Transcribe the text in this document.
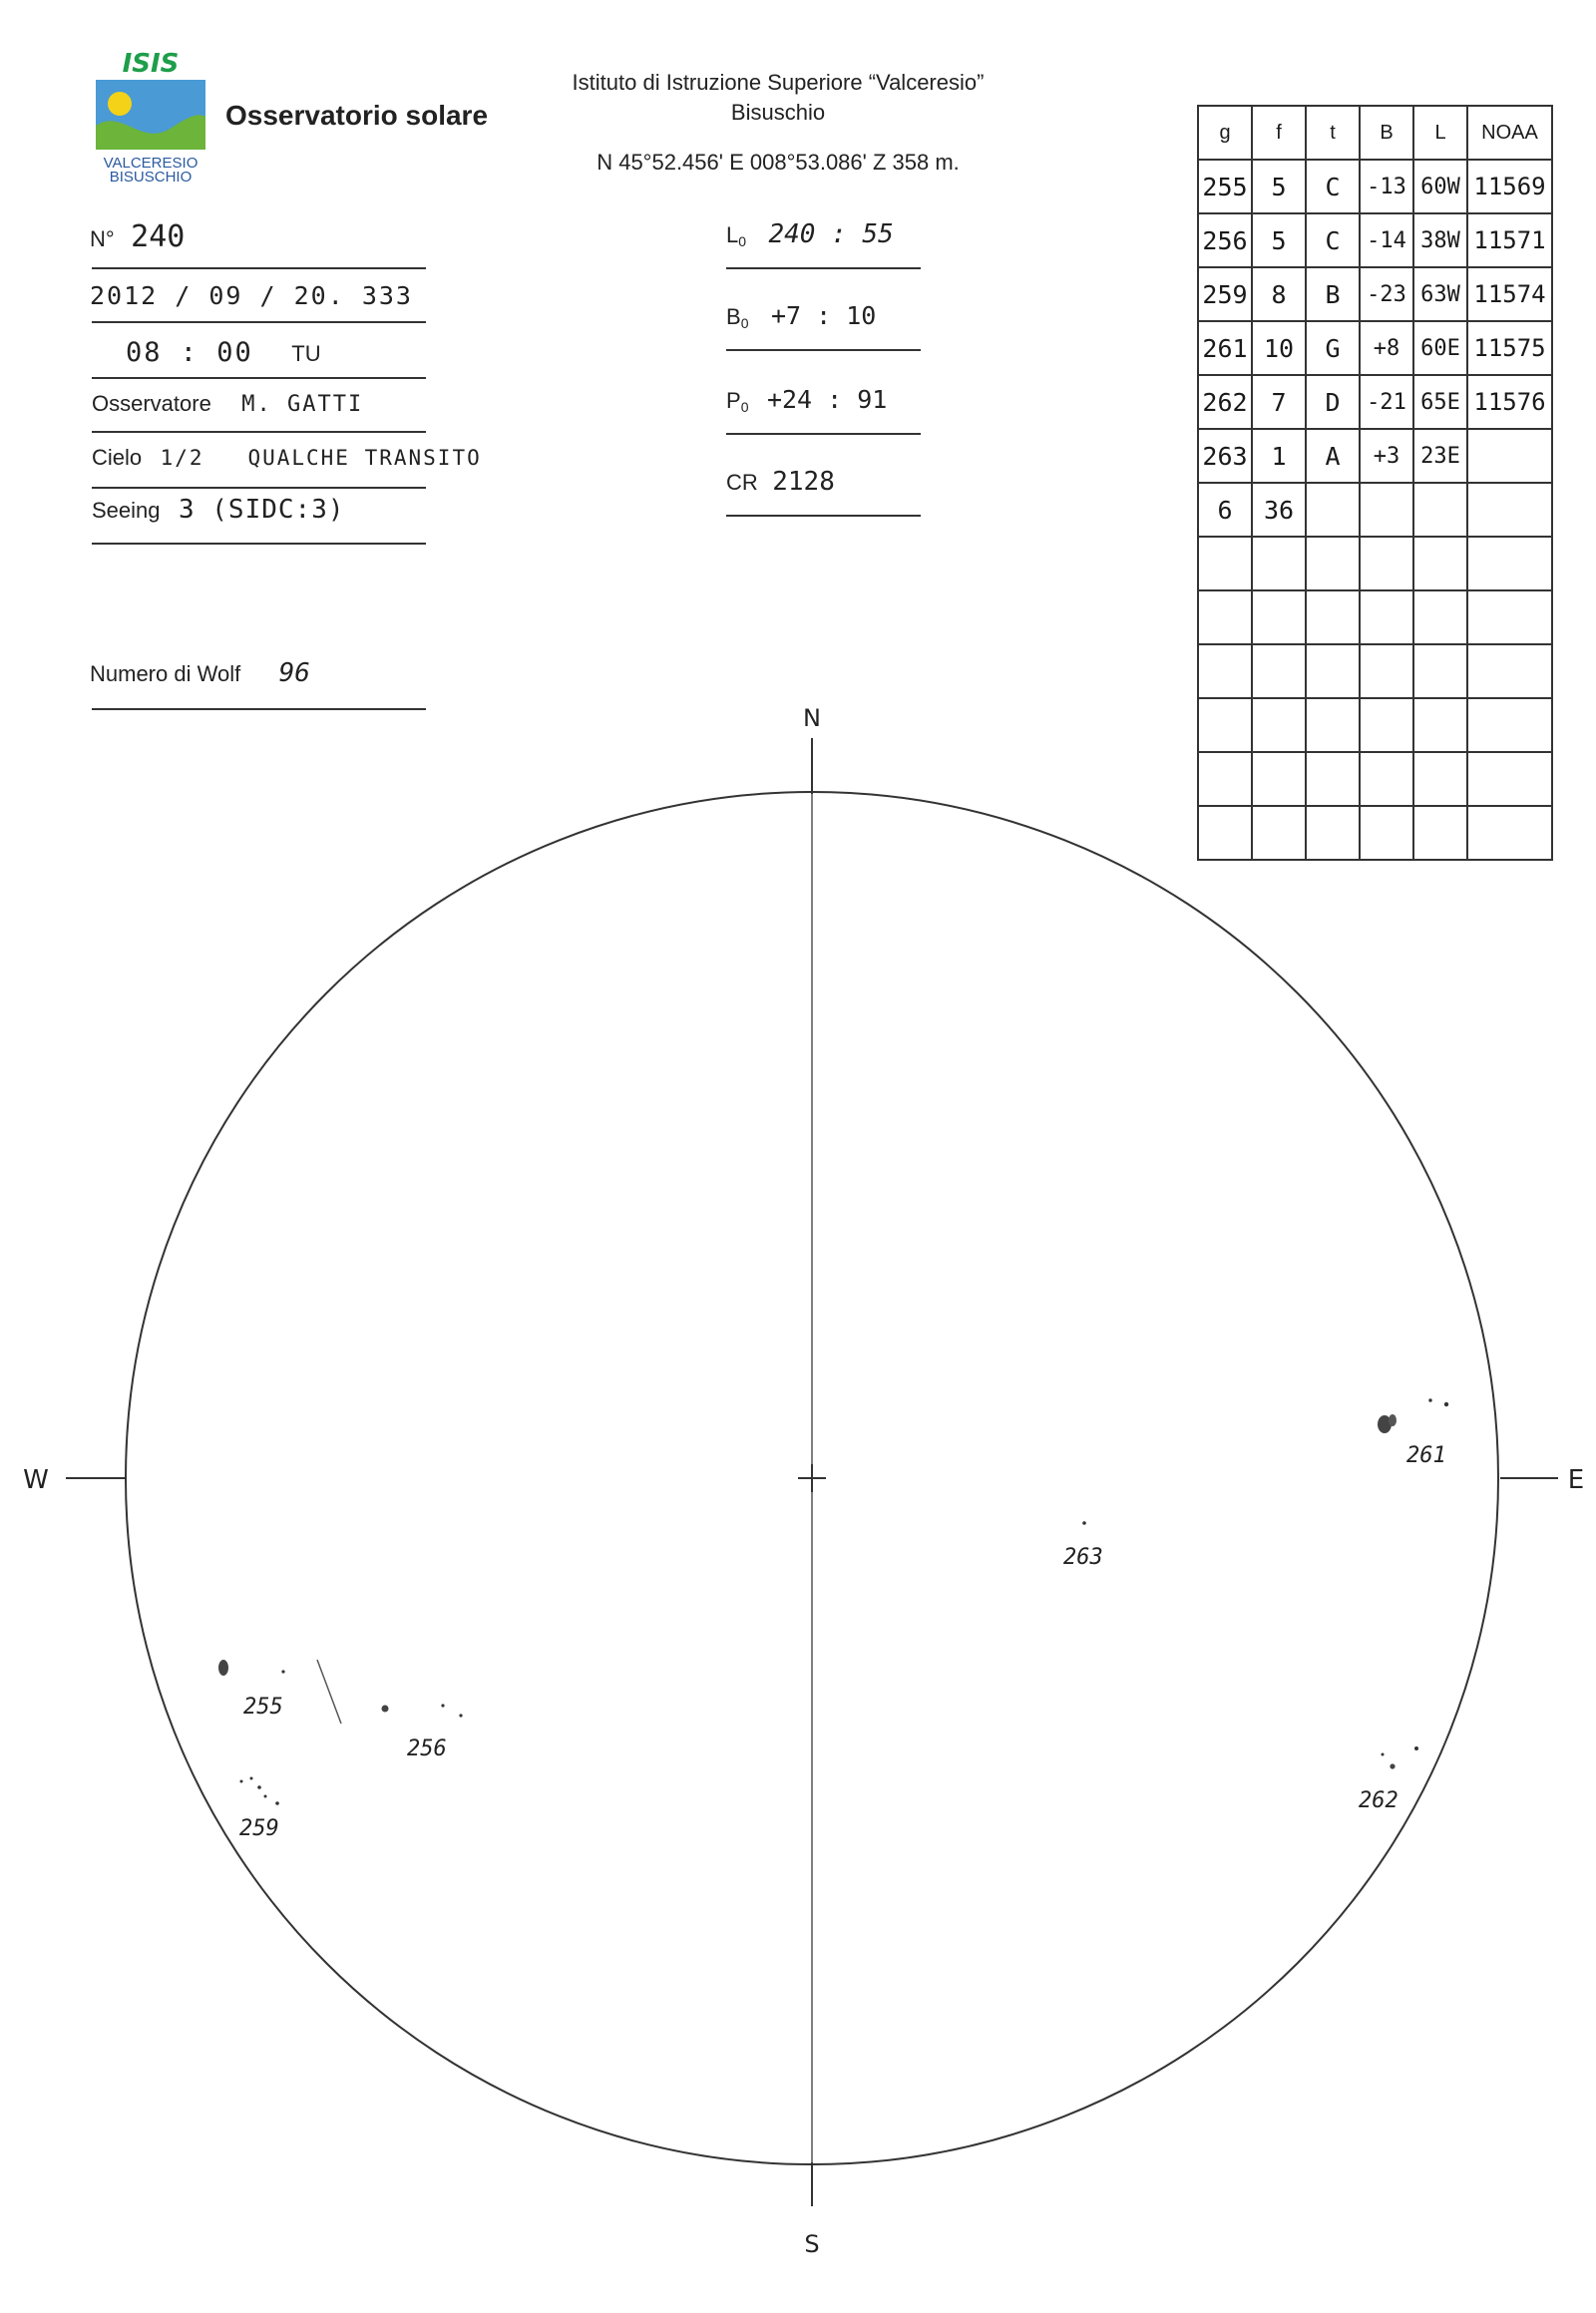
ISIS
VALCERESIO
BISUSCHIO
Osservatorio solare
Istituto di Istruzione Superiore “Valceresio”
Bisuschio
N 45°52.456' E 008°53.086' Z 358 m.
N° 240
2012 / 09 / 20. 333
08 : 00 TU
Osservatore M. GATTI
Cielo 1/2   QUALCHE TRANSITO
Seeing 3 (SIDC:3)
Numero di Wolf 96
$L_0$ 240 : 55
$B_0 +7$ : 10
$P_0 +24$ : 91
CR 2128
g	f	t	B	L	NOAA
255	5	C	-13	60W	11569
256	5	C	-14	38W	11571
259	8	B	-23	63W	11574
261	10	G	+8	60E	11575
262	7	D	-21	65E	11576
263	1	A	+3	23E	
6	36				

N
S
E
W
255
256
259
261
262
263
